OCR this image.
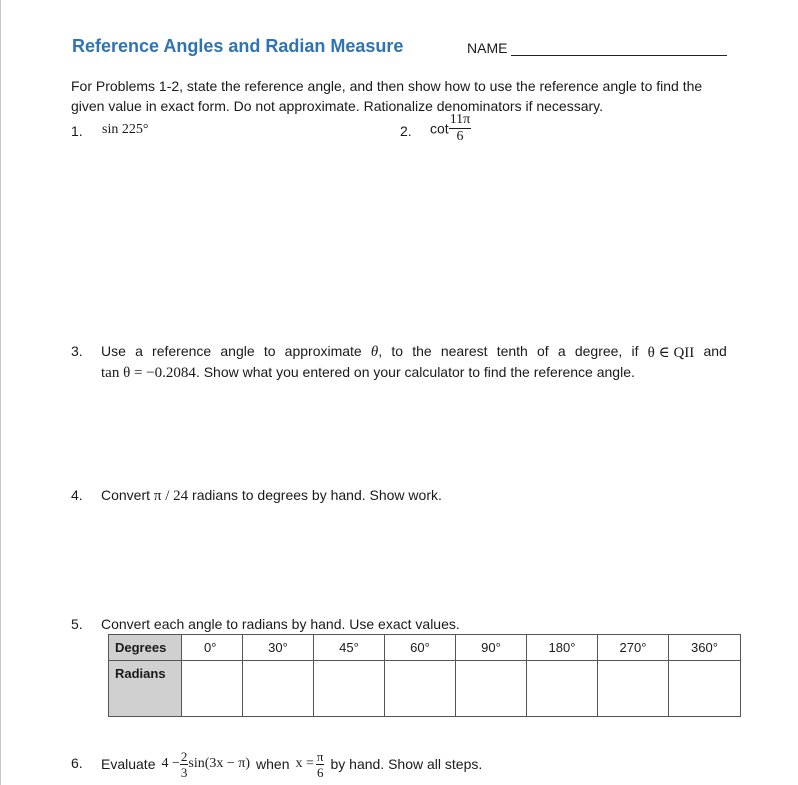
Reference Angles and Radian Measure	NAME
For Problems 1-2, state the reference angle, and then show how to use the reference angle to find the given value in exact form. Do not approximate. Rationalize denominators if necessary.
1. sin 225°	2. $\cot \frac{11\pi}{6}$
3. Use a reference angle to approximate θ, to the nearest tenth of a degree, if θ ∈ QII and
tan θ = −0.2084. Show what you entered on your calculator to find the reference angle.
4. Convert π / 24 radians to degrees by hand. Show work.
5. Convert each angle to radians by hand. Use exact values.
Degrees	0°	30°	45°	60°	90°	180°	270°	360°
Radians								
6. Evaluate $4 - \frac{2}{3} \sin(3x - \pi)$ when $x = \frac{\pi}{6}$ by hand. Show all steps.
